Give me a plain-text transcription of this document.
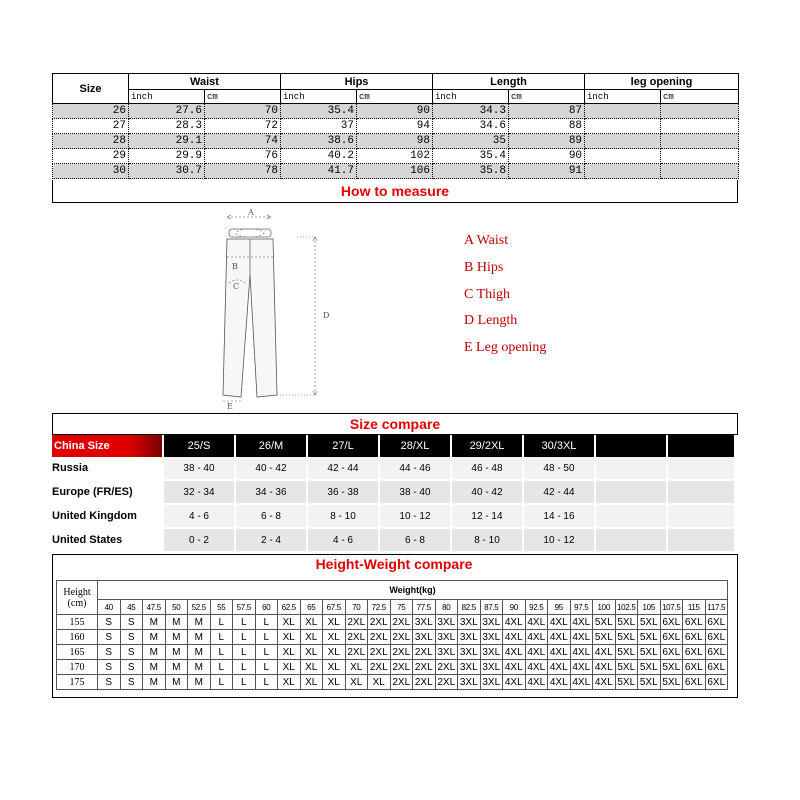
Size	Waist		Hips		Length		leg opening	
	inch	cm	inch	cm	inch	cm	inch	cm
26	27.6	70	35.4	90	34.3	87		
27	28.3	72	37	94	34.6	88		
28	29.1	74	38.6	98	35	89		
29	29.9	76	40.2	102	35.4	90		
30	30.7	78	41.7	106	35.8	91		
How to measure
A
B
C
D
E
A Waist
B Hips
C Thigh
D Length
E Leg opening
Size compare
China Size	25/S	26/M	27/L	28/XL	29/2XL	30/3XL		
Russia	38 - 40	40 - 42	42 - 44	44 - 46	46 - 48	48 - 50		
Europe (FR/ES)	32 - 34	34 - 36	36 - 38	38 - 40	40 - 42	42 - 44		
United Kingdom	4 - 6	6 - 8	8 - 10	10 - 12	12 - 14	14 - 16		
United States	0 - 2	2 - 4	4 - 6	6 - 8	8 - 10	10 - 12		
Height-Weight compare
Height
(cm)	Weight(kg)																											
	40	45	47.5	50	52.5	55	57.5	60	62.5	65	67.5	70	72.5	75	77.5	80	82.5	87.5	90	92.5	95	97.5	100	102.5	105	107.5	115	117.5
155	S	S	M	M	M	L	L	L	XL	XL	XL	2XL	2XL	2XL	3XL	3XL	3XL	3XL	4XL	4XL	4XL	4XL	5XL	5XL	5XL	6XL	6XL	6XL
160	S	S	M	M	M	L	L	L	XL	XL	XL	2XL	2XL	2XL	3XL	3XL	3XL	3XL	4XL	4XL	4XL	4XL	5XL	5XL	5XL	6XL	6XL	6XL
165	S	S	M	M	M	L	L	L	XL	XL	XL	2XL	2XL	2XL	2XL	3XL	3XL	3XL	4XL	4XL	4XL	4XL	4XL	5XL	5XL	6XL	6XL	6XL
170	S	S	M	M	M	L	L	L	XL	XL	XL	XL	2XL	2XL	2XL	2XL	3XL	3XL	4XL	4XL	4XL	4XL	4XL	5XL	5XL	5XL	6XL	6XL
175	S	S	M	M	M	L	L	L	XL	XL	XL	XL	XL	2XL	2XL	2XL	3XL	3XL	4XL	4XL	4XL	4XL	4XL	5XL	5XL	5XL	6XL	6XL
